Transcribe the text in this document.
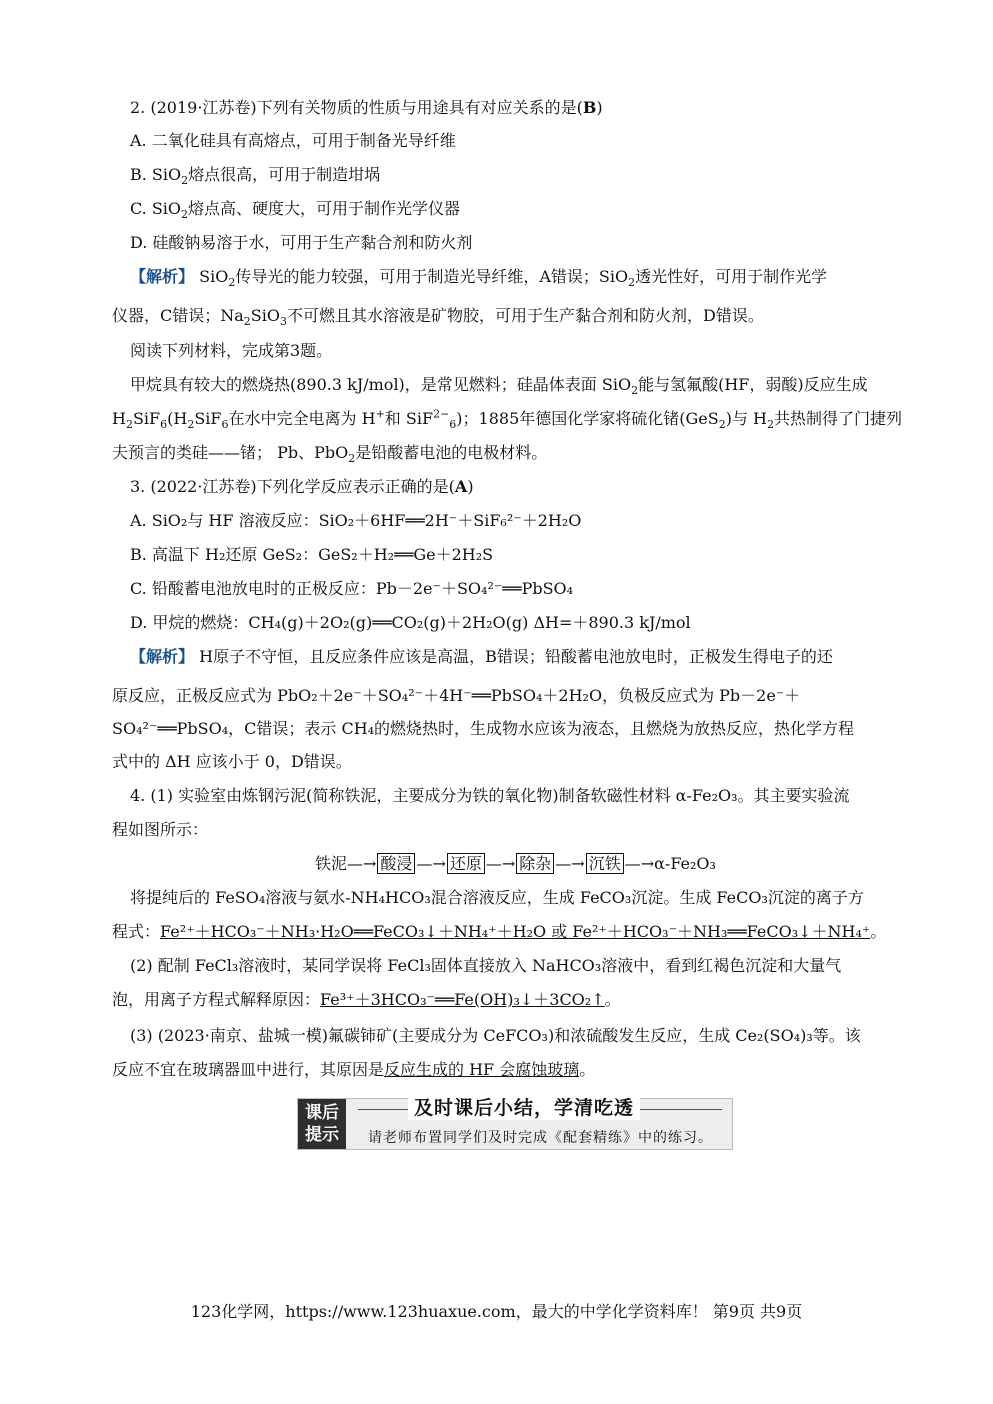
2. (2019·江苏卷)下列有关物质的性质与用途具有对应关系的是(B)
A. 二氧化硅具有高熔点，可用于制备光导纤维
B. SiO$_2$熔点很高，可用于制造坩埚
C. SiO$_2$熔点高、硬度大，可用于制作光学仪器
D. 硅酸钠易溶于水，可用于生产黏合剂和防火剂
【解析】 SiO$_2$传导光的能力较强，可用于制造光导纤维，A错误；SiO$_2$透光性好，可用于制作光学
仪器，C错误；$Na_2SiO_3$不可燃且其水溶液是矿物胶，可用于生产黏合剂和防火剂，D错误。
阅读下列材料，完成第3题。
甲烷具有较大的燃烧热(890.3 kJ/mol)，是常见燃料；硅晶体表面 SiO$_2$能与氢氟酸(HF，弱酸)反应生成
$H_2SiF_6(H_2SiF_6$在水中完全电离为 H+和 SiF$^{2-}_6$)；1885年德国化学家将硫化锗(GeS$_2$)与 $H_2$共热制得了门捷列
夫预言的类硅——锗； Pb、PbO$_2$是铅酸蓄电池的电极材料。
3. (2022·江苏卷)下列化学反应表示正确的是(A)
A. SiO₂与 HF 溶液反应：SiO₂＋6HF══2H⁻＋SiF₆²⁻＋2H₂O
B. 高温下 H₂还原 GeS₂：GeS₂＋H₂══Ge＋2H₂S
C. 铅酸蓄电池放电时的正极反应：Pb－2e⁻＋SO₄²⁻══PbSO₄
D. 甲烷的燃烧：CH₄(g)＋2O₂(g)══CO₂(g)＋2H₂O(g) ΔH=＋890.3 kJ/mol
【解析】 H原子不守恒，且反应条件应该是高温，B错误；铅酸蓄电池放电时，正极发生得电子的还
原反应，正极反应式为 PbO₂＋2e⁻＋SO₄²⁻＋4H⁻══PbSO₄＋2H₂O，负极反应式为 Pb－2e⁻＋
SO₄²⁻══PbSO₄，C错误；表示 CH₄的燃烧热时，生成物水应该为液态，且燃烧为放热反应，热化学方程
式中的 ΔH 应该小于 0，D错误。
4. (1) 实验室由炼钢污泥(简称铁泥，主要成分为铁的氧化物)制备软磁性材料 α-Fe₂O₃。其主要实验流
程如图所示：
铁泥—→ 酸浸 —→ 还原 —→ 除杂 —→ 沉铁 —→α-Fe₂O₃
将提纯后的 FeSO₄溶液与氨水-NH₄HCO₃混合溶液反应，生成 FeCO₃沉淀。生成 FeCO₃沉淀的离子方
程式：Fe²⁺＋HCO₃⁻＋NH₃·H₂O══FeCO₃↓＋NH₄⁺＋H₂O 或 Fe²⁺＋HCO₃⁻＋NH₃══FeCO₃↓＋NH₄⁺。
(2) 配制 FeCl₃溶液时，某同学误将 FeCl₃固体直接放入 NaHCO₃溶液中，看到红褐色沉淀和大量气
泡，用离子方程式解释原因：Fe³⁺＋3HCO₃⁻══Fe(OH)₃↓＋3CO₂↑。
(3) (2023·南京、盐城一模)氟碳铈矿(主要成分为 CeFCO₃)和浓硫酸发生反应，生成 Ce₂(SO₄)₃等。该
反应不宜在玻璃器皿中进行，其原因是反应生成的 HF 会腐蚀玻璃。
课后
提示
及时课后小结，学清吃透
请老师布置同学们及时完成《配套精练》中的练习。
123化学网，https://www.123huaxue.com，最大的中学化学资料库！ 第9页 共9页
